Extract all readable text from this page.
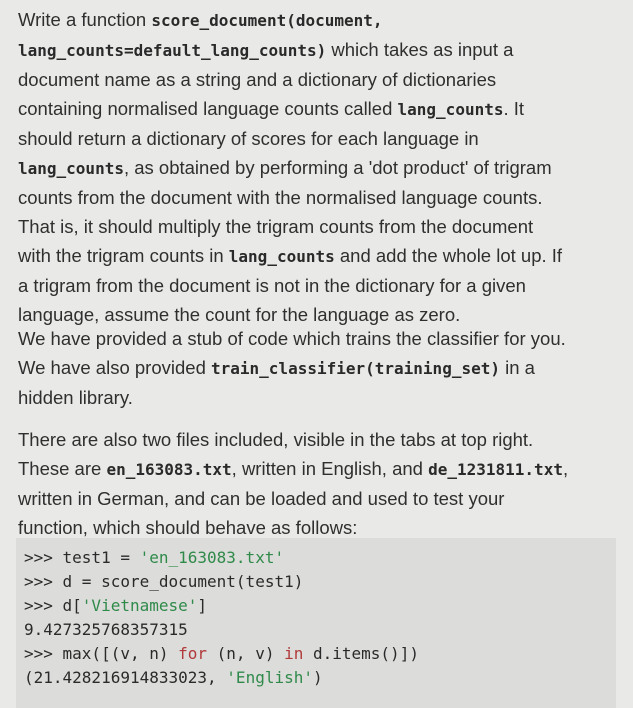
Write a function score_document(document,
lang_counts=default_lang_counts) which takes as input a
document name as a string and a dictionary of dictionaries
containing normalised language counts called lang_counts. It
should return a dictionary of scores for each language in
lang_counts, as obtained by performing a 'dot product' of trigram
counts from the document with the normalised language counts.
That is, it should multiply the trigram counts from the document
with the trigram counts in lang_counts and add the whole lot up. If
a trigram from the document is not in the dictionary for a given
language, assume the count for the language as zero.
We have provided a stub of code which trains the classifier for you.
We have also provided train_classifier(training_set) in a
hidden library.
There are also two files included, visible in the tabs at top right.
These are en_163083.txt, written in English, and de_1231811.txt,
written in German, and can be loaded and used to test your
function, which should behave as follows:
>>> test1 = 'en_163083.txt'
>>> d = score_document(test1)
>>> d['Vietnamese']
9.427325768357315
>>> max([(v, n) for (n, v) in d.items()])
(21.428216914833023, 'English')
